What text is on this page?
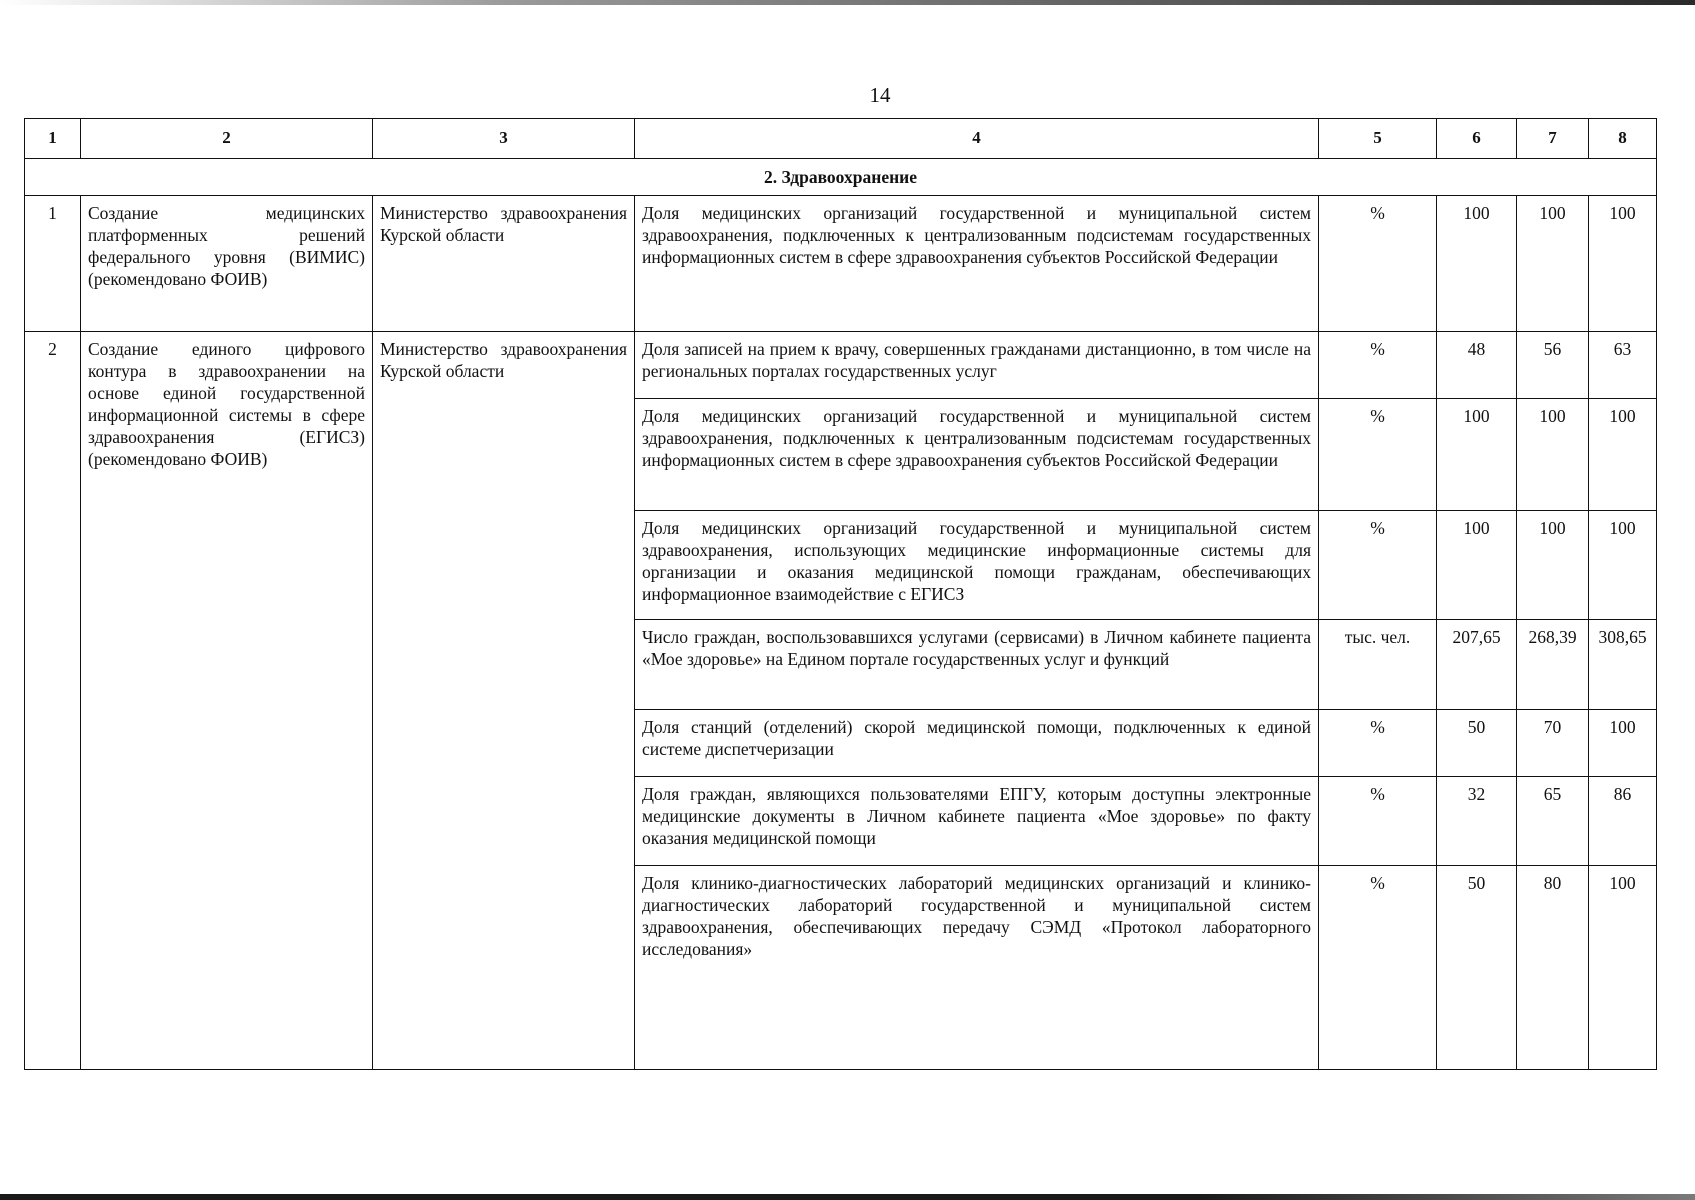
14
1	2	3	4	5	6	7	8
2. Здравоохранение							
1	Создание медицинских платформенных решений федерального уровня (ВИМИС) (рекомендовано ФОИВ)	Министерство здравоохранения Курской области	Доля медицинских организаций государственной и муниципальной систем здравоохранения, подключенных к централизованным подсистемам государственных информационных систем в сфере здравоохранения субъектов Российской Федерации	%	100	100	100
2	Создание единого цифрового контура в здравоохранении на основе единой государственной информационной системы в сфере здравоохранения (ЕГИСЗ) (рекомендовано ФОИВ)	Министерство здравоохранения Курской области	Доля записей на прием к врачу, совершенных гражданами дистанционно, в том числе на региональных порталах государственных услуг	%	48	56	63
			Доля медицинских организаций государственной и муниципальной систем здравоохранения, подключенных к централизованным подсистемам государственных информационных систем в сфере здравоохранения субъектов Российской Федерации	%	100	100	100
			Доля медицинских организаций государственной и муниципальной систем здравоохранения, использующих медицинские информационные системы для организации и оказания медицинской помощи гражданам, обеспечивающих информационное взаимодействие с ЕГИСЗ	%	100	100	100
			Число граждан, воспользовавшихся услугами (сервисами) в Личном кабинете пациента «Мое здоровье» на Едином портале государственных услуг и функций	тыс. чел.	207,65	268,39	308,65
			Доля станций (отделений) скорой медицинской помощи, подключенных к единой системе диспетчеризации	%	50	70	100
			Доля граждан, являющихся пользователями ЕПГУ, которым доступны электронные медицинские документы в Личном кабинете пациента «Мое здоровье» по факту оказания медицинской помощи	%	32	65	86
			Доля клинико-диагностических лабораторий медицинских организаций и клинико- диагностических лабораторий государственной и муниципальной систем здравоохранения, обеспечивающих передачу СЭМД «Протокол лабораторного исследования»	%	50	80	100
